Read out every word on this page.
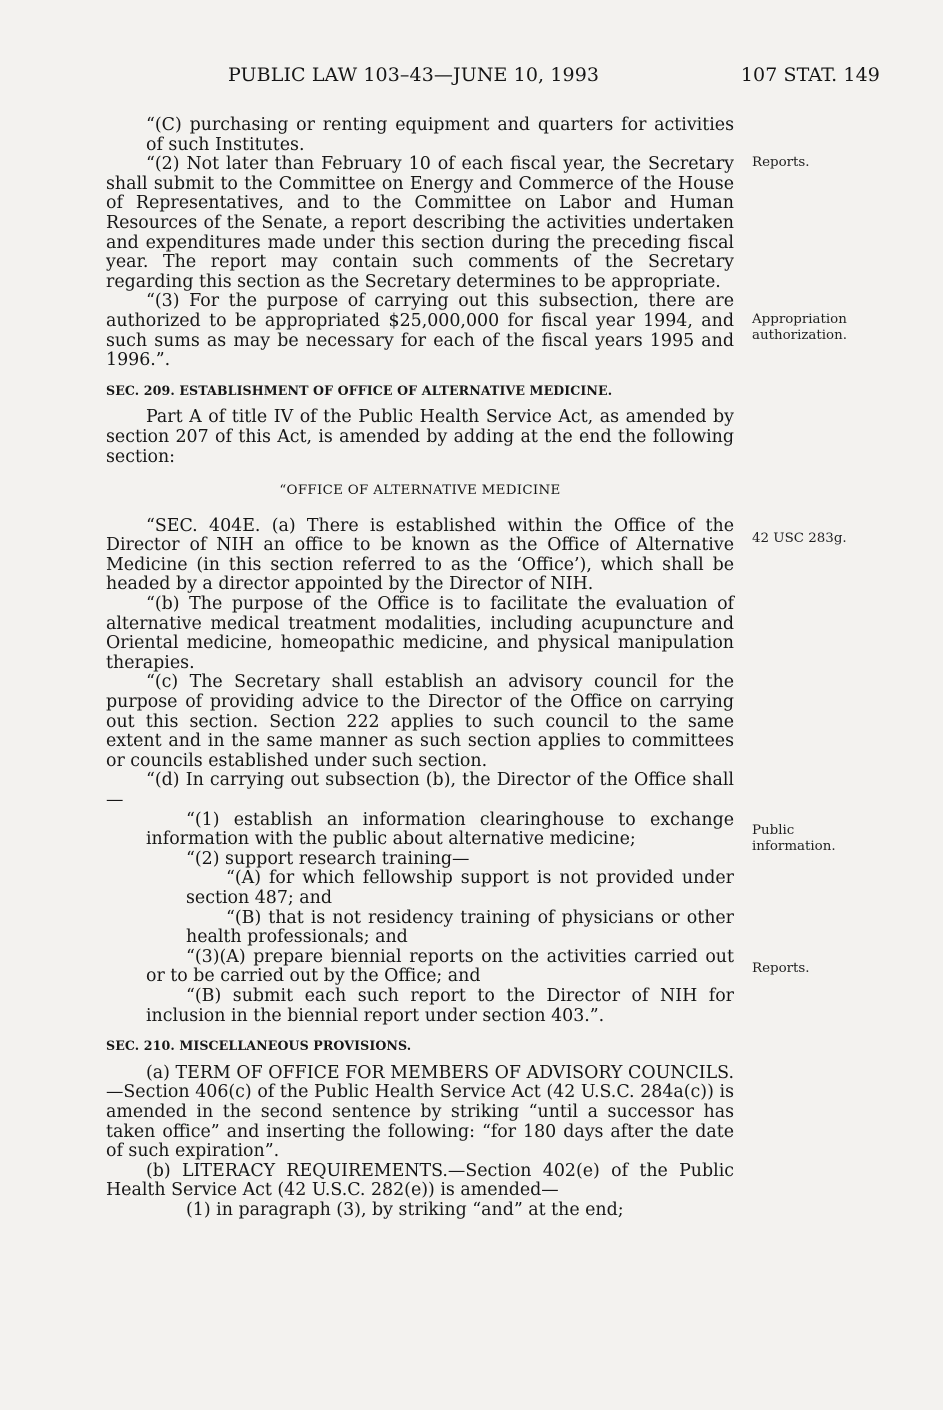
PUBLIC LAW 103–43—JUNE 10, 1993	107 STAT. 149

“(C) purchasing or renting equipment and quarters for activities of such Institutes.

“(2) Not later than February 10 of each fiscal year, the Secretary shall submit to the Committee on Energy and Commerce of the House of Representatives, and to the Committee on Labor and Human Resources of the Senate, a report describing the activities undertaken and expenditures made under this section during the preceding fiscal year. The report may contain such comments of the Secretary regarding this section as the Secretary determines to be appropriate.

“(3) For the purpose of carrying out this subsection, there are authorized to be appropriated $25,000,000 for fiscal year 1994, and such sums as may be necessary for each of the fiscal years 1995 and 1996.”.

SEC. 209. ESTABLISHMENT OF OFFICE OF ALTERNATIVE MEDICINE.

Part A of title IV of the Public Health Service Act, as amended by section 207 of this Act, is amended by adding at the end the following section:

“OFFICE OF ALTERNATIVE MEDICINE

“SEC. 404E. (a) There is established within the Office of the Director of NIH an office to be known as the Office of Alternative Medicine (in this section referred to as the ‘Office’), which shall be headed by a director appointed by the Director of NIH.

“(b) The purpose of the Office is to facilitate the evaluation of alternative medical treatment modalities, including acupuncture and Oriental medicine, homeopathic medicine, and physical manipulation therapies.

“(c) The Secretary shall establish an advisory council for the purpose of providing advice to the Director of the Office on carrying out this section. Section 222 applies to such council to the same extent and in the same manner as such section applies to committees or councils established under such section.

“(d) In carrying out subsection (b), the Director of the Office shall—

“(1) establish an information clearinghouse to exchange information with the public about alternative medicine;

“(2) support research training—

“(A) for which fellowship support is not provided under section 487; and

“(B) that is not residency training of physicians or other health professionals; and

“(3)(A) prepare biennial reports on the activities carried out or to be carried out by the Office; and

“(B) submit each such report to the Director of NIH for inclusion in the biennial report under section 403.”.

SEC. 210. MISCELLANEOUS PROVISIONS.

(a) TERM OF OFFICE FOR MEMBERS OF ADVISORY COUNCILS.—Section 406(c) of the Public Health Service Act (42 U.S.C. 284a(c)) is amended in the second sentence by striking “until a successor has taken office” and inserting the following: “for 180 days after the date of such expiration”.

(b) LITERACY REQUIREMENTS.—Section 402(e) of the Public Health Service Act (42 U.S.C. 282(e)) is amended—

(1) in paragraph (3), by striking “and” at the end;

Reports.
Appropriation authorization.
42 USC 283g.
Public information.
Reports.
